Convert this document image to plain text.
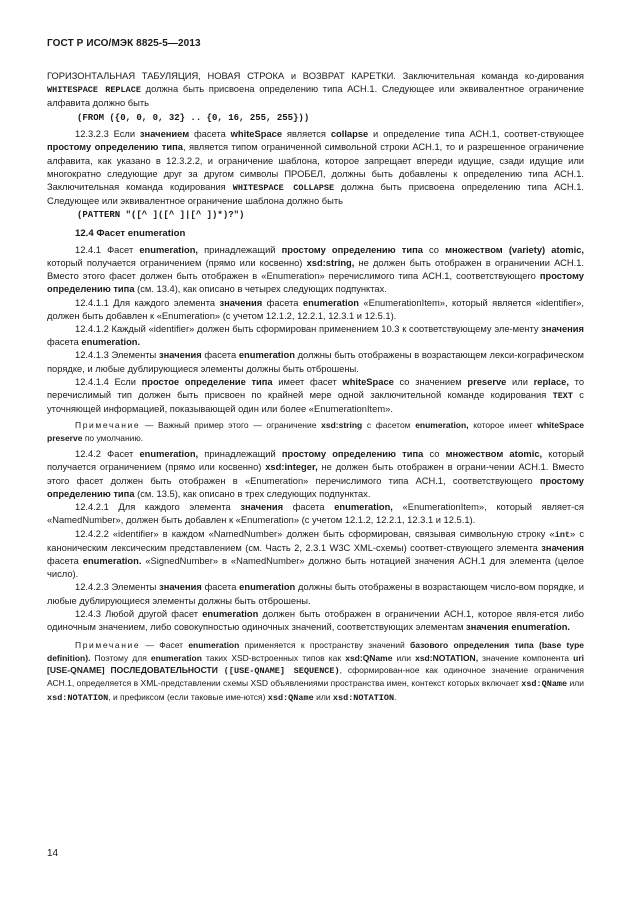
ГОСТ Р ИСО/МЭК 8825-5—2013

ГОРИЗОНТАЛЬНАЯ ТАБУЛЯЦИЯ, НОВАЯ СТРОКА и ВОЗВРАТ КАРЕТКИ. Заключительная команда ко-дирования WHITESPACE REPLACE должна быть присвоена определению типа АСН.1. Следующее или эквивалентное ограничение алфавита должно быть

(FROM ({0, 0, 0, 32} .. {0, 16, 255, 255}))

12.3.2.3 Если значением фасета whiteSpace является collapse и определение типа АСН.1, соответ-ствующее простому определению типа, является типом ограниченной символьной строки АСН.1, то и разрешенное ограничение алфавита, как указано в 12.3.2.2, и ограничение шаблона, которое запрещает впереди идущие, сзади идущие или многократно следующие друг за другом символы ПРОБЕЛ, должны быть добавлены к определению типа АСН.1. Заключительная команда кодирования WHITESPACE COLLAPSE должна быть присвоена определению типа АСН.1. Следующее или эквивалентное ограничение шаблона должно быть

(PATTERN "([^ ]([^ ]|[^ ])*)?")
12.4 Фасет enumeration

12.4.1 Фасет enumeration, принадлежащий простому определению типа со множеством (variety) atomic, который получается ограничением (прямо или косвенно) xsd:string, не должен быть отображен в ограничении АСН.1. Вместо этого фасет должен быть отображен в «Enumeration» перечислимого типа АСН.1, соответствующего простому определению типа (см. 13.4), как описано в четырех следующих подпунктах.

12.4.1.1 Для каждого элемента значения фасета enumeration «EnumerationItem», который является «identifier», должен быть добавлен к «Enumeration» (с учетом 12.1.2, 12.2.1, 12.3.1 и 12.5.1).

12.4.1.2 Каждый «identifier» должен быть сформирован применением 10.3 к соответствующему эле-менту значения фасета enumeration.

12.4.1.3 Элементы значения фасета enumeration должны быть отображены в возрастающем лекси-кографическом порядке, и любые дублирующиеся элементы должны быть отброшены.

12.4.1.4 Если простое определение типа имеет фасет whiteSpace со значением preserve или replace, то перечислимый тип должен быть присвоен по крайней мере одной заключительной команде кодирования TEXT с уточняющей информацией, показывающей один или более «EnumerationItem».

Примечание — Важный пример этого — ограничение xsd:string с фасетом enumeration, которое имеет whiteSpace preserve по умолчанию.

12.4.2 Фасет enumeration, принадлежащий простому определению типа со множеством atomic, который получается ограничением (прямо или косвенно) xsd:integer, не должен быть отображен в ограни-чении АСН.1. Вместо этого фасет должен быть отображен в «Enumeration» перечислимого типа АСН.1, соответствующего простому определению типа (см. 13.5), как описано в трех следующих подпунктах.

12.4.2.1 Для каждого элемента значения фасета enumeration, «EnumerationItem», который являет-ся «NamedNumber», должен быть добавлен к «Enumeration» (с учетом 12.1.2, 12.2.1, 12.3.1 и 12.5.1).

12.4.2.2 «identifier» в каждом «NamedNumber» должен быть сформирован, связывая символьную строку «int» с каноническим лексическим представлением (см. Часть 2, 2.3.1 W3C XML-схемы) соответ-ствующего элемента значения фасета enumeration. «SignedNumber» в «NamedNumber» должно быть нотацией значения АСН.1 для элемента (целое число).

12.4.2.3 Элементы значения фасета enumeration должны быть отображены в возрастающем число-вом порядке, и любые дублирующиеся элементы должны быть отброшены.

12.4.3 Любой другой фасет enumeration должен быть отображен в ограничении АСН.1, которое явля-ется либо одиночным значением, либо совокупностью одиночных значений, соответствующих элементам значения enumeration.

Примечание — Фасет enumeration применяется к пространству значений базового определения типа (base type definition). Поэтому для enumeration таких XSD-встроенных типов как xsd:QName или xsd:NOTATION, значение компонента uri [USE-QNAME] ПОСЛЕДОВАТЕЛЬНОСТИ ([USE-QNAME] SEQUENCE), сформирован-ное как одиночное значение ограничения АСН.1, определяется в XML-представлении схемы XSD объявлениями пространства имен, контекст которых включает xsd:QName или xsd:NOTATION, и префиксом (если таковые име-ются) xsd:QName или xsd:NOTATION.
14
